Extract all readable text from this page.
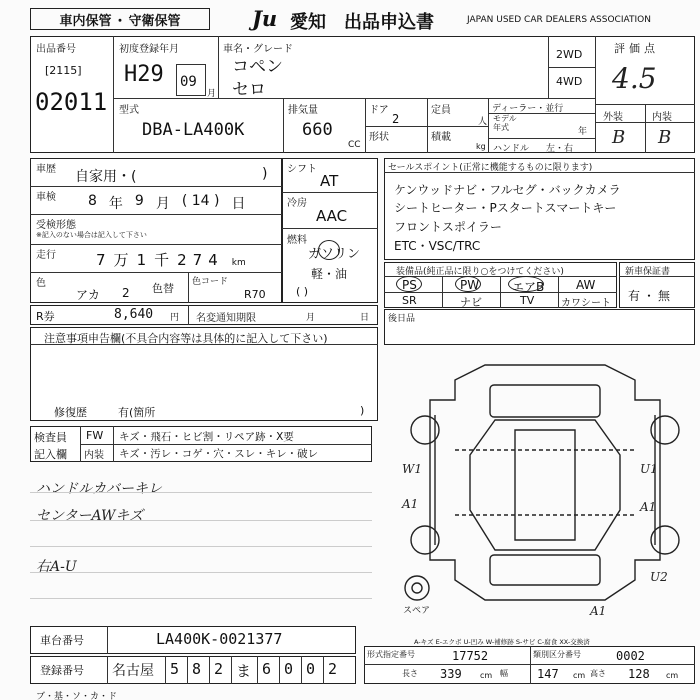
車内保管 ・ 守衛保管	Ju 愛知 出品申込書	JAPAN USED CAR DEALERS ASSOCIATION
出品番号
[2115]
02011
初度登録年月
H29 09
月
車名・グレード
コペン
セロ
2WD
4WD
評価点
4.5
外装	内装
B B
型式
DBA-LA400K
排気量
660
CC
ドア
2
定員
人
形状	積載
kg
ディーラー・並行
モデル
年式	年
ハンドル 左・右
車歴 自家用・(	)
車検 8 年 9 月 ( 14 ) 日
受検形態
※記入のない場合は記入して下さい
走行	7 万 1 千 274 km
色
アカ 2 色替 色コード
R70
R券	8,640 円 名変通知期限	月	日
シフト
AT
冷房
AAC
燃料
ガソリン
軽・油
( )
セールスポイント(正常に機能するものに限ります)
ケンウッドナビ・フルセグ・バックカメラ
シートヒーター・Pスタートスマートキー
フロントスポイラー
ETC・VSC/TRC
装備品(純正品に限り○をつけてください)
PS	PW	エアB	AW
SR	ナビ	TV	カワシート
新車保証書
有・無
後日品
注意事項申告欄(不具合内容等は具体的に記入して下さい)
修復歴	有(箇所	)
検査員
記入欄
FW キズ・飛石・ヒビ割・リペア跡・X要
内装 キズ・汚レ・コゲ・穴・スレ・キレ・破レ
ハンドルカバーキレ
センターAWキズ
右A-U
スペア
W1
A1
U1
A1
U2
A1
A-キズ E-エクボ U-凹み W-補修跡 S-サビ C-腐食 XX-交換済
車台番号	LA400K-0021377
登録番号 名古屋 5 8 2 ま 6 0 0 2
形式指定番号	17752	類別区分番号	0002
長さ 339 cm 幅 147 cm 高さ 128 cm
ブ・基・ソ・カ・ド
